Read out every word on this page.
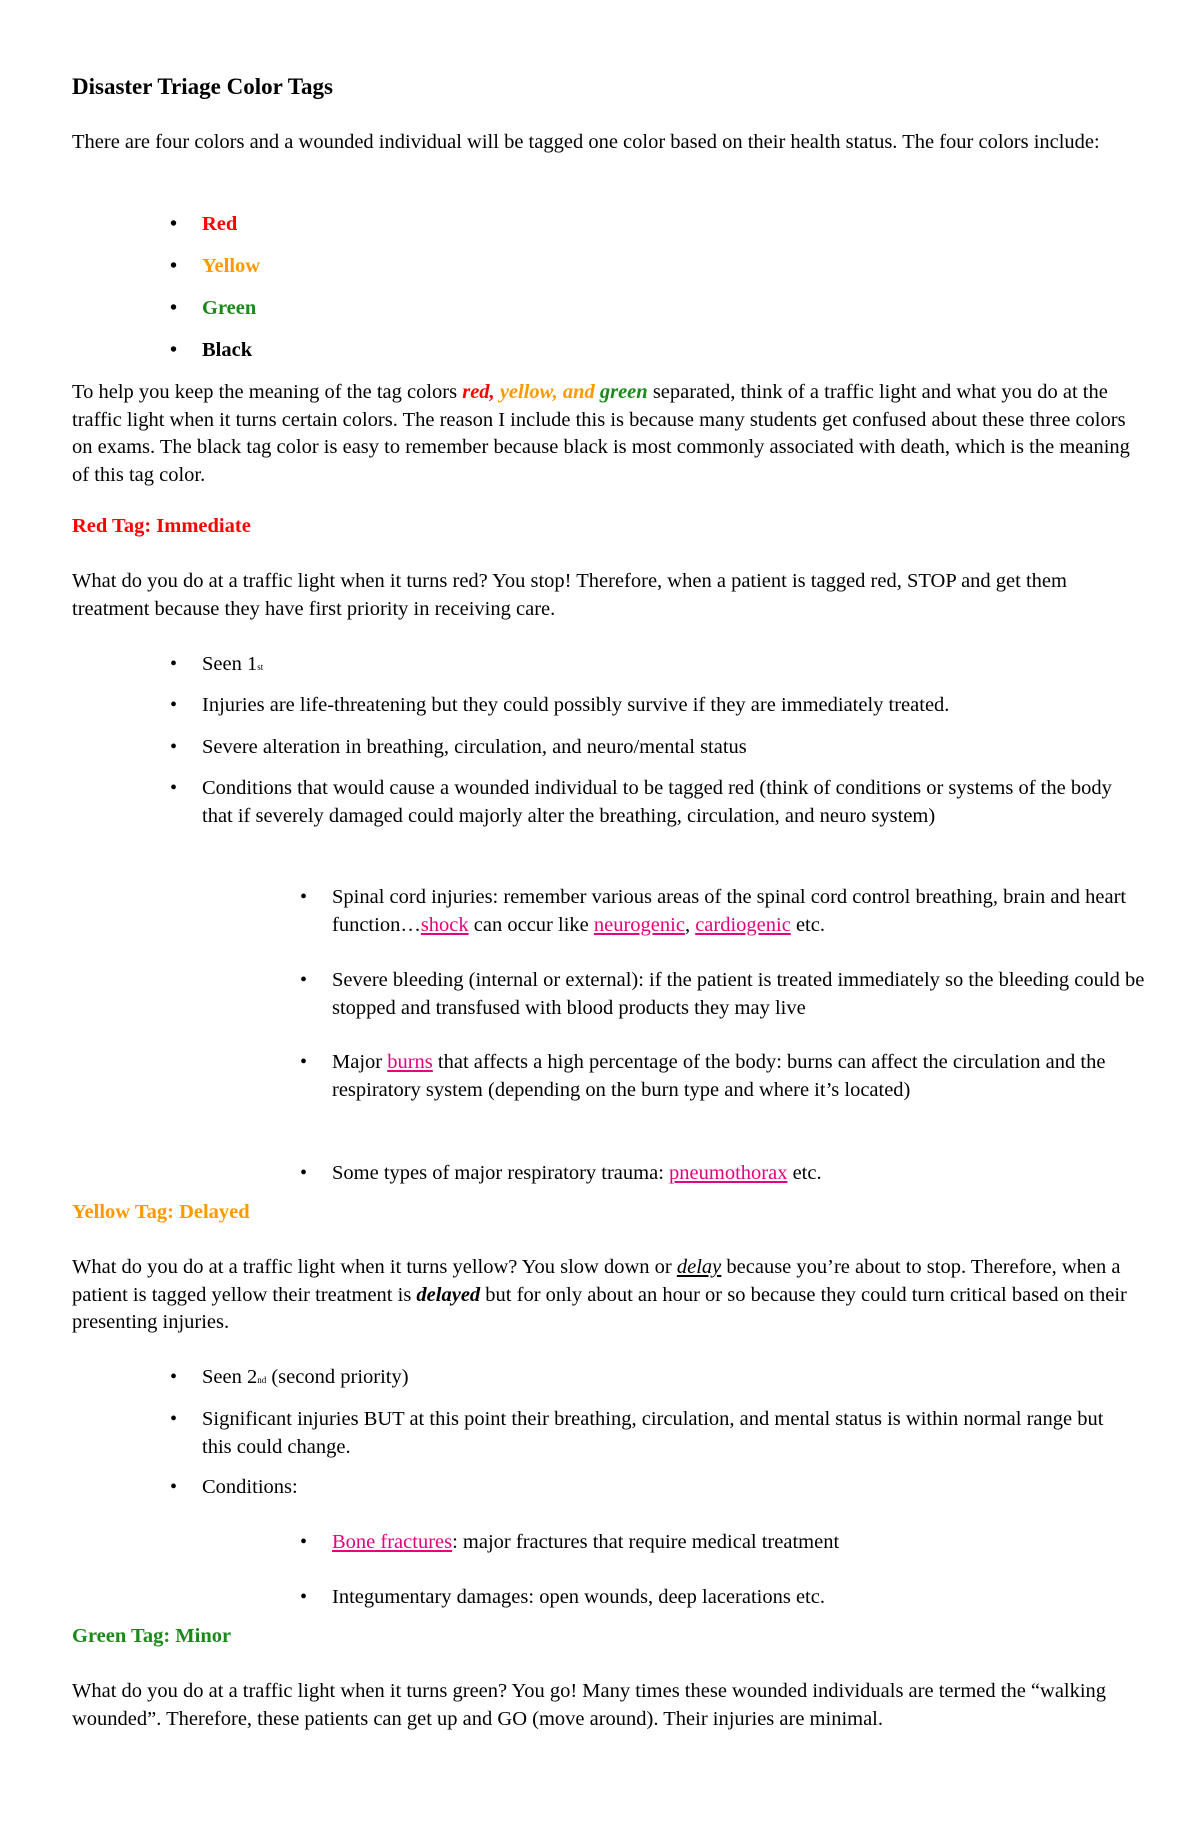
Disaster Triage Color Tags

There are four colors and a wounded individual will be tagged one color based on their health status. The four colors include:

• Red

• Yellow

• Green

• Black

To help you keep the meaning of the tag colors red, yellow, and green separated, think of a traffic light and what you do at the traffic light when it turns certain colors. The reason I include this is because many students get confused about these three colors on exams. The black tag color is easy to remember because black is most commonly associated with death, which is the meaning of this tag color.

Red Tag: Immediate

What do you do at a traffic light when it turns red? You stop! Therefore, when a patient is tagged red, STOP and get them treatment because they have first priority in receiving care.

• Seen 1st

• Injuries are life-threatening but they could possibly survive if they are immediately treated.

• Severe alteration in breathing, circulation, and neuro/mental status

• Conditions that would cause a wounded individual to be tagged red (think of conditions or systems of the body that if severely damaged could majorly alter the breathing, circulation, and neuro system)

• Spinal cord injuries: remember various areas of the spinal cord control breathing, brain and heart function…shock can occur like neurogenic, cardiogenic etc.

• Severe bleeding (internal or external): if the patient is treated immediately so the bleeding could be stopped and transfused with blood products they may live

• Major burns that affects a high percentage of the body: burns can affect the circulation and the respiratory system (depending on the burn type and where it’s located)

• Some types of major respiratory trauma: pneumothorax etc.

Yellow Tag: Delayed

What do you do at a traffic light when it turns yellow? You slow down or delay because you’re about to stop. Therefore, when a patient is tagged yellow their treatment is delayed but for only about an hour or so because they could turn critical based on their presenting injuries.

• Seen 2nd (second priority)

• Significant injuries BUT at this point their breathing, circulation, and mental status is within normal range but this could change.

• Conditions:

• Bone fractures: major fractures that require medical treatment

• Integumentary damages: open wounds, deep lacerations etc.

Green Tag: Minor

What do you do at a traffic light when it turns green? You go! Many times these wounded individuals are termed the “walking wounded”. Therefore, these patients can get up and GO (move around). Their injuries are minimal.
